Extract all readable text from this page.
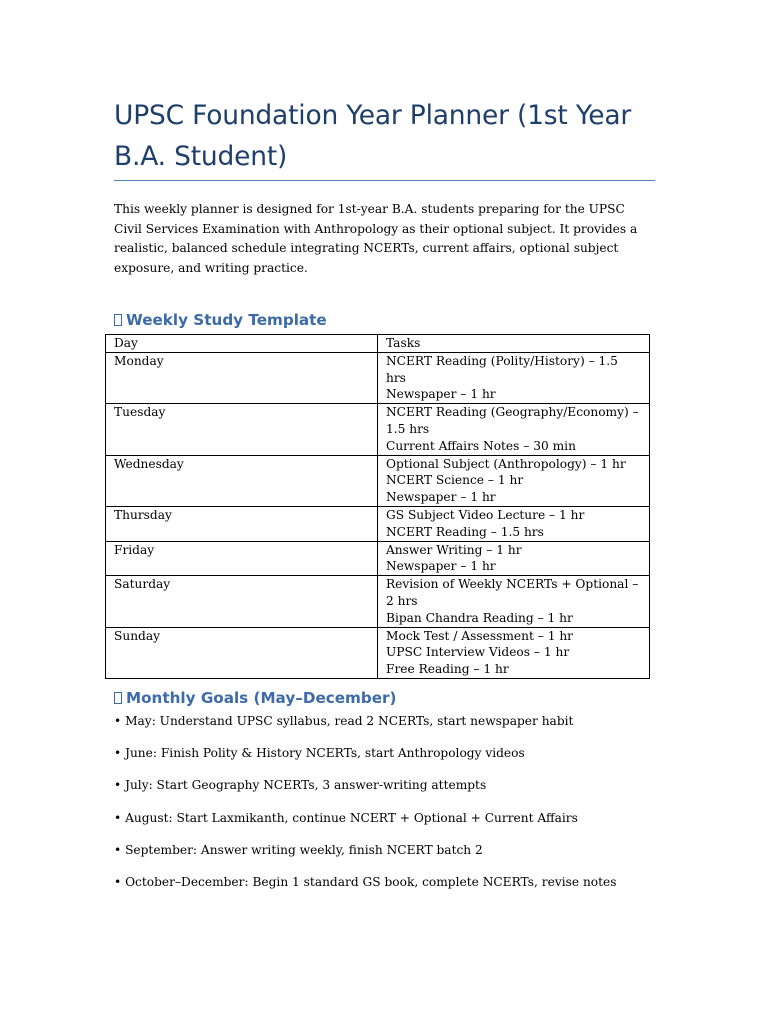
UPSC Foundation Year Planner (1st Year B.A. Student)

This weekly planner is designed for 1st-year B.A. students preparing for the UPSC Civil Services Examination with Anthropology as their optional subject. It provides a realistic, balanced schedule integrating NCERTs, current affairs, optional subject exposure, and writing practice.

Weekly Study Template
Day	Tasks
Monday	NCERT Reading (Polity/History) – 1.5 hrs
Newspaper – 1 hr

Tuesday	NCERT Reading (Geography/Economy) – 1.5 hrs
Current Affairs Notes – 30 min

Wednesday	Optional Subject (Anthropology) – 1 hr
NCERT Science – 1 hr
Newspaper – 1 hr

Thursday	GS Subject Video Lecture – 1 hr
NCERT Reading – 1.5 hrs

Friday	Answer Writing – 1 hr
Newspaper – 1 hr

Saturday	Revision of Weekly NCERTs + Optional – 2 hrs
Bipan Chandra Reading – 1 hr

Sunday	Mock Test / Assessment – 1 hr
UPSC Interview Videos – 1 hr
Free Reading – 1 hr
Monthly Goals (May–December)
• May: Understand UPSC syllabus, read 2 NCERTs, start newspaper habit
• June: Finish Polity & History NCERTs, start Anthropology videos
• July: Start Geography NCERTs, 3 answer-writing attempts
• August: Start Laxmikanth, continue NCERT + Optional + Current Affairs
• September: Answer writing weekly, finish NCERT batch 2
• October–December: Begin 1 standard GS book, complete NCERTs, revise notes
